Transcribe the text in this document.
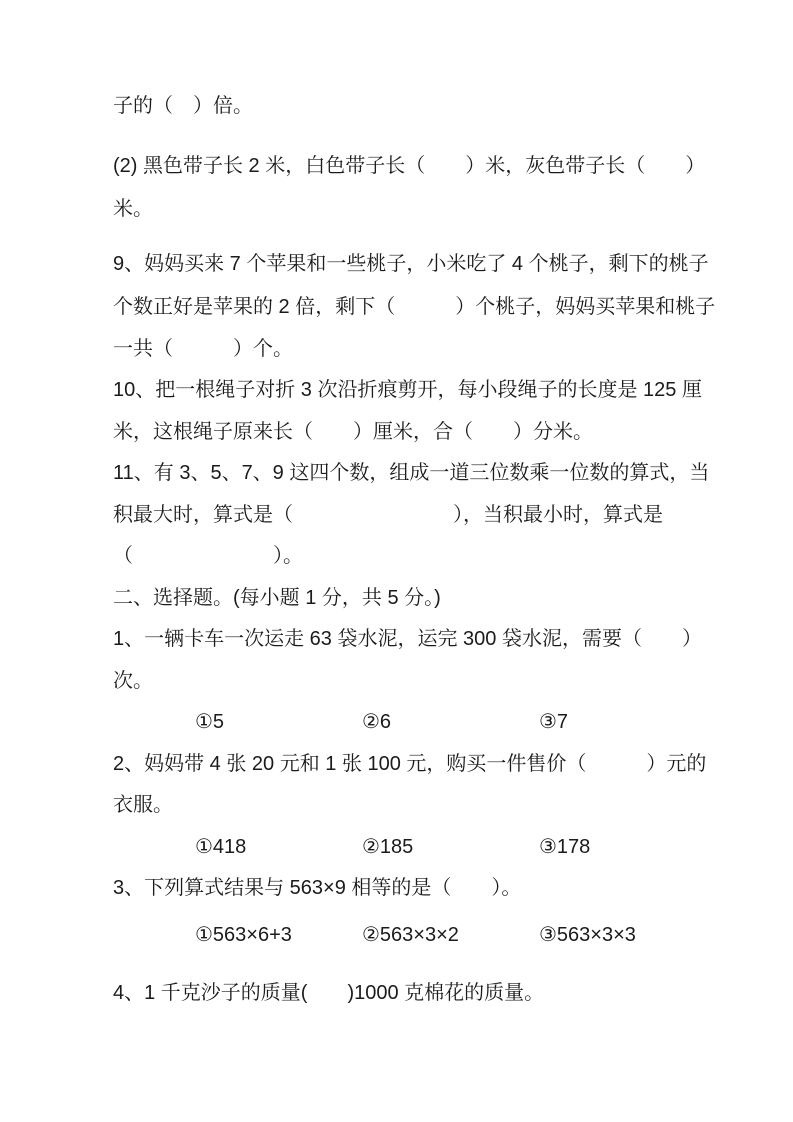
子的（　）倍。
(2) 黑色带子长 2 米，白色带子长（　　）米，灰色带子长（　　）
米。
9、妈妈买来 7 个苹果和一些桃子，小米吃了 4 个桃子，剩下的桃子
个数正好是苹果的 2 倍，剩下（　　　）个桃子，妈妈买苹果和桃子
一共（　　　）个。
10、把一根绳子对折 3 次沿折痕剪开，每小段绳子的长度是 125 厘
米，这根绳子原来长（　　）厘米，合（　　）分米。
11、有 3、5、7、9 这四个数，组成一道三位数乘一位数的算式，当
积最大时，算式是（　　　　　　　　），当积最小时，算式是
（　　　　　　　）。
二、选择题。(每小题 1 分，共 5 分。)
1、一辆卡车一次运走 63 袋水泥，运完 300 袋水泥，需要（　　）
次。

①5

	②6

	③7

2、妈妈带 4 张 20 元和 1 张 100 元，购买一件售价（　　　）元的
衣服。

①418

	②185

	③178

3、下列算式结果与 563×9 相等的是（　　）。

①563×6+3

	②563×3×2

	③563×3×3

4、1 千克沙子的质量(　　)1000 克棉花的质量。
